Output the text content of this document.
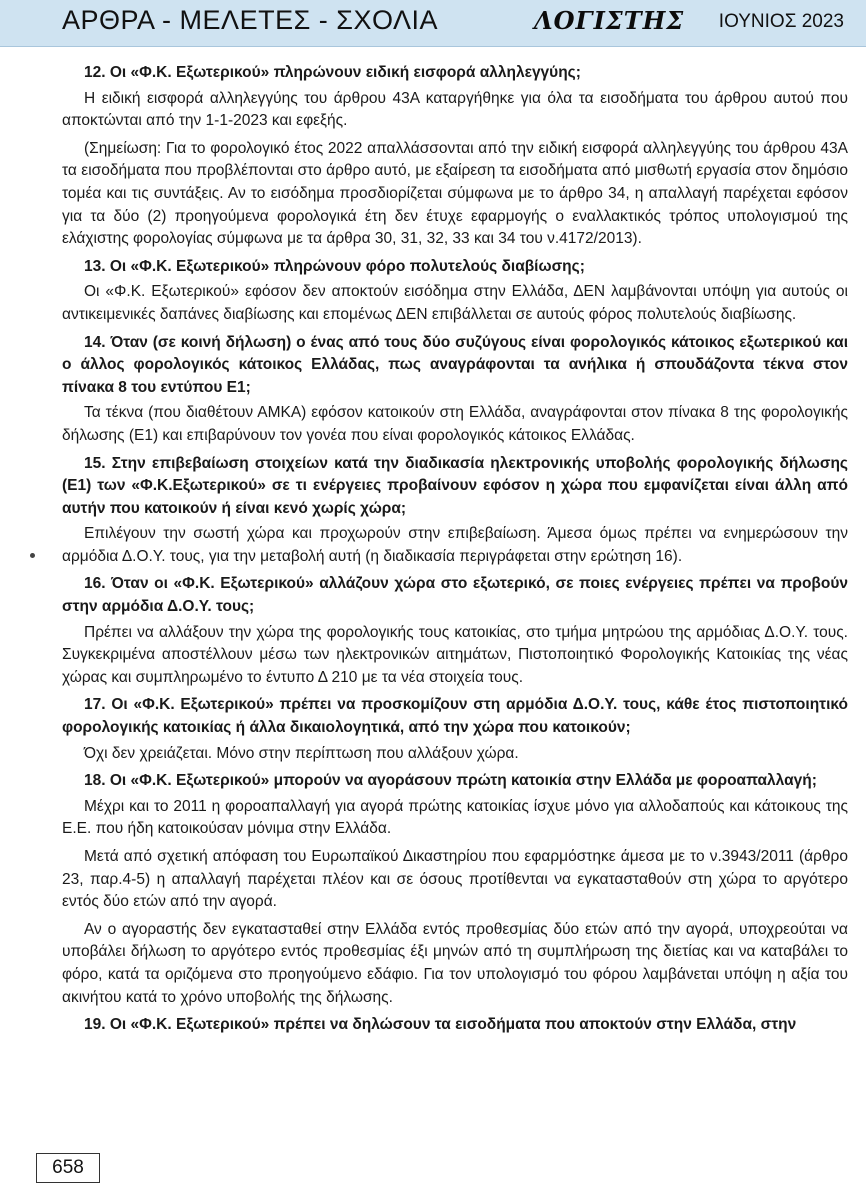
ΑΡΘΡΑ - ΜΕΛΕΤΕΣ - ΣΧΟΛΙΑ	ΛΟΓΙΣΤΗΣ ΙΟΥΝΙΟΣ 2023
12. Οι «Φ.Κ. Εξωτερικού» πληρώνουν ειδική εισφορά αλληλεγγύης;
Η ειδική εισφορά αλληλεγγύης του άρθρου 43Α καταργήθηκε για όλα τα εισοδήματα του άρθρου αυτού που αποκτώνται από την 1-1-2023 και εφεξής.
(Σημείωση: Για το φορολογικό έτος 2022 απαλλάσσονται από την ειδική εισφορά αλληλεγγύης του άρθρου 43Α τα εισοδήματα που προβλέπονται στο άρθρο αυτό, με εξαίρεση τα εισοδήματα από μισθωτή εργασία στον δημόσιο τομέα και τις συντάξεις. Αν το εισόδημα προσδιορίζεται σύμφωνα με το άρθρο 34, η απαλλαγή παρέχεται εφόσον για τα δύο (2) προηγούμενα φορολογικά έτη δεν έτυχε εφαρμογής ο εναλλακτικός τρόπος υπολογισμού της ελάχιστης φορολογίας σύμφωνα με τα άρθρα 30, 31, 32, 33 και 34 του ν.4172/2013).
13. Οι «Φ.Κ. Εξωτερικού» πληρώνουν φόρο πολυτελούς διαβίωσης;
Οι «Φ.Κ. Εξωτερικού» εφόσον δεν αποκτούν εισόδημα στην Ελλάδα, ΔΕΝ λαμβάνονται υπόψη για αυτούς οι αντικειμενικές δαπάνες διαβίωσης και επομένως ΔΕΝ επιβάλλεται σε αυτούς φόρος πολυτελούς διαβίωσης.
14. Όταν (σε κοινή δήλωση) ο ένας από τους δύο συζύγους είναι φορολογικός κάτοικος εξωτερικού και ο άλλος φορολογικός κάτοικος Ελλάδας, πως αναγράφονται τα ανήλικα ή σπουδάζοντα τέκνα στον πίνακα 8 του εντύπου Ε1;
Τα τέκνα (που διαθέτουν ΑΜΚΑ) εφόσον κατοικούν στη Ελλάδα, αναγράφονται στον πίνακα 8 της φορολογικής δήλωσης (Ε1) και επιβαρύνουν τον γονέα που είναι φορολογικός κάτοικος Ελλάδας.
15. Στην επιβεβαίωση στοιχείων κατά την διαδικασία ηλεκτρονικής υποβολής φορολογικής δήλωσης (Ε1) των «Φ.Κ.Εξωτερικού» σε τι ενέργειες προβαίνουν εφόσον η χώρα που εμφανίζεται είναι άλλη από αυτήν που κατοικούν ή είναι κενό χωρίς χώρα;
Επιλέγουν την σωστή χώρα και προχωρούν στην επιβεβαίωση. Άμεσα όμως πρέπει να ενημερώσουν την αρμόδια Δ.Ο.Υ. τους, για την μεταβολή αυτή (η διαδικασία περιγράφεται στην ερώτηση 16).
16. Όταν οι «Φ.Κ. Εξωτερικού» αλλάζουν χώρα στο εξωτερικό, σε ποιες ενέργειες πρέπει να προβούν στην αρμόδια Δ.Ο.Υ. τους;
Πρέπει να αλλάξουν την χώρα της φορολογικής τους κατοικίας, στο τμήμα μητρώου της αρμόδιας Δ.Ο.Υ. τους. Συγκεκριμένα αποστέλλουν μέσω των ηλεκτρονικών αιτημάτων, Πιστοποιητικό Φορολογικής Κατοικίας της νέας χώρας και συμπληρωμένο το έντυπο Δ 210 με τα νέα στοιχεία τους.
17. Οι «Φ.Κ. Εξωτερικού» πρέπει να προσκομίζουν στη αρμόδια Δ.Ο.Υ. τους, κάθε έτος πιστοποιητικό φορολογικής κατοικίας ή άλλα δικαιολογητικά, από την χώρα που κατοικούν;
Όχι δεν χρειάζεται. Μόνο στην περίπτωση που αλλάξουν χώρα.
18. Οι «Φ.Κ. Εξωτερικού» μπορούν να αγοράσουν πρώτη κατοικία στην Ελλάδα με φοροαπαλλαγή;
Μέχρι και το 2011 η φοροαπαλλαγή για αγορά πρώτης κατοικίας ίσχυε μόνο για αλλοδαπούς και κάτοικους της Ε.Ε. που ήδη κατοικούσαν μόνιμα στην Ελλάδα.
Μετά από σχετική απόφαση του Ευρωπαϊκού Δικαστηρίου που εφαρμόστηκε άμεσα με το ν.3943/2011 (άρθρο 23, παρ.4-5) η απαλλαγή παρέχεται πλέον και σε όσους προτίθενται να εγκατασταθούν στη χώρα το αργότερο εντός δύο ετών από την αγορά.
Αν ο αγοραστής δεν εγκατασταθεί στην Ελλάδα εντός προθεσμίας δύο ετών από την αγορά, υποχρεούται να υποβάλει δήλωση το αργότερο εντός προθεσμίας έξι μηνών από τη συμπλήρωση της διετίας και να καταβάλει το φόρο, κατά τα οριζόμενα στο προηγούμενο εδάφιο. Για τον υπολογισμό του φόρου λαμβάνεται υπόψη η αξία του ακινήτου κατά το χρόνο υποβολής της δήλωσης.
19. Οι «Φ.Κ. Εξωτερικού» πρέπει να δηλώσουν τα εισοδήματα που αποκτούν στην Ελλάδα, στην
658
